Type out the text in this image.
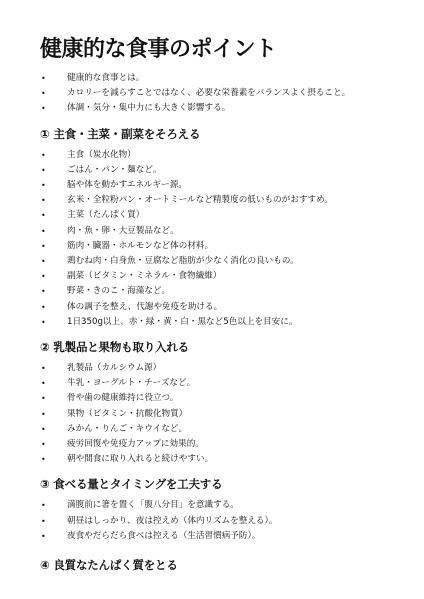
健康的な食事のポイント
• 健康的な食事とは。
• カロリーを減らすことではなく、必要な栄養素をバランスよく摂ること。
• 体調・気分・集中力にも大きく影響する。
① 主食・主菜・副菜をそろえる
• 主食（炭水化物）
• ごはん・パン・麺など。
• 脳や体を動かすエネルギー源。
• 玄米・全粒粉パン・オートミールなど精製度の低いものがおすすめ。
• 主菜（たんぱく質）
• 肉・魚・卵・大豆製品など。
• 筋肉・臓器・ホルモンなど体の材料。
• 鶏むね肉・白身魚・豆腐など脂肪が少なく消化の良いもの。
• 副菜（ビタミン・ミネラル・食物繊維）
• 野菜・きのこ・海藻など。
• 体の調子を整え、代謝や免疫を助ける。
• 1日350g以上、赤・緑・黄・白・黒など5色以上を目安に。
② 乳製品と果物も取り入れる
• 乳製品（カルシウム源）
• 牛乳・ヨーグルト・チーズなど。
• 骨や歯の健康維持に役立つ。
• 果物（ビタミン・抗酸化物質）
• みかん・りんご・キウイなど。
• 疲労回復や免疫力アップに効果的。
• 朝や間食に取り入れると続けやすい。
③ 食べる量とタイミングを工夫する
• 満腹前に箸を置く「腹八分目」を意識する。
• 朝昼はしっかり、夜は控えめ（体内リズムを整える）。
• 夜食やだらだら食べは控える（生活習慣病予防）。
④ 良質なたんぱく質をとる
